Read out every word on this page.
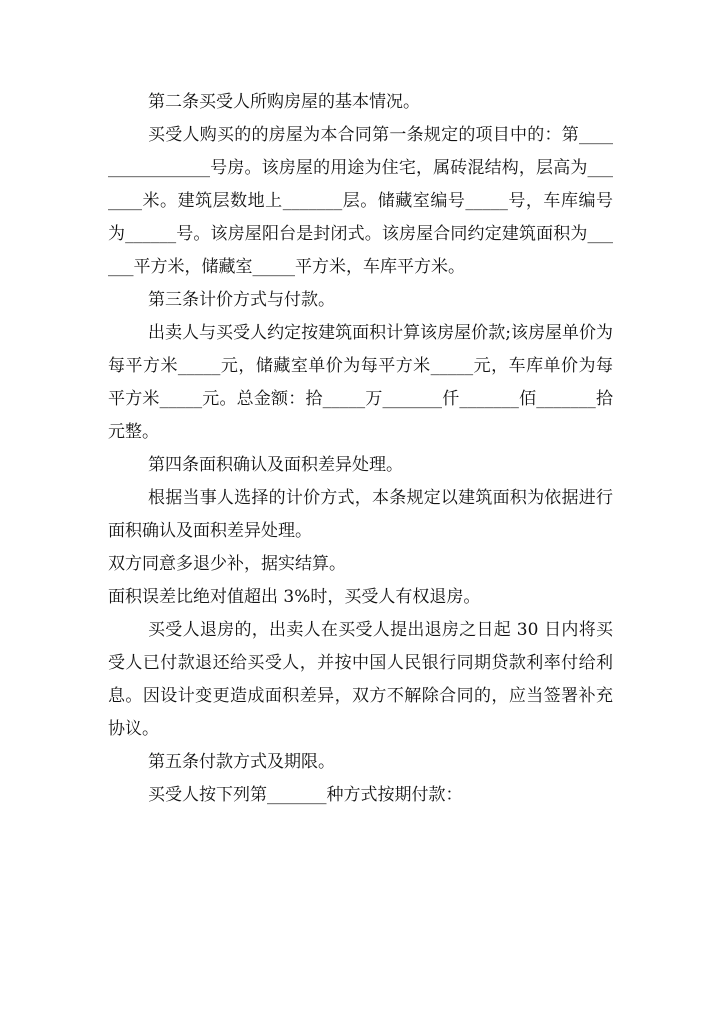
第二条买受人所购房屋的基本情况。

买受人购买的的房屋为本合同第一条规定的项目中的：第________________号房。该房屋的用途为住宅，属砖混结构，层高为_______米。建筑层数地上_______层。储藏室编号_____号，车库编号为______号。该房屋阳台是封闭式。该房屋合同约定建筑面积为______平方米，储藏室_____平方米，车库平方米。

第三条计价方式与付款。

出卖人与买受人约定按建筑面积计算该房屋价款;该房屋单价为每平方米_____元，储藏室单价为每平方米_____元，车库单价为每平方米_____元。总金额：拾_____万_______仟_______佰_______拾元整。

第四条面积确认及面积差异处理。

根据当事人选择的计价方式，本条规定以建筑面积为依据进行面积确认及面积差异处理。

双方同意多退少补，据实结算。

面积误差比绝对值超出 3%时，买受人有权退房。

买受人退房的，出卖人在买受人提出退房之日起 30 日内将买受人已付款退还给买受人，并按中国人民银行同期贷款利率付给利息。因设计变更造成面积差异，双方不解除合同的，应当签署补充协议。

第五条付款方式及期限。

买受人按下列第_______种方式按期付款：
